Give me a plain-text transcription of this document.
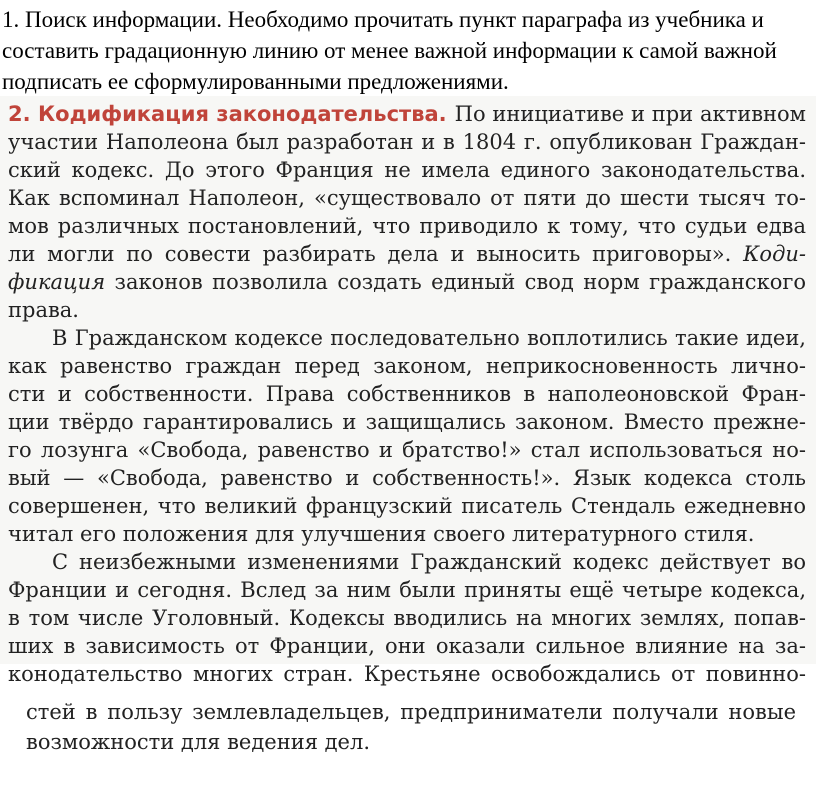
1. Поиск информации. Необходимо прочитать пункт параграфа из учебника и
составить градационную линию от менее важной информации к самой важной
подписать ее сформулированными предложениями.
2. Кодификация законодательства. По инициативе и при активном
участии Наполеона был разработан и в 1804 г. опубликован Граждан-
ский кодекс. До этого Франция не имела единого законодательства.
Как вспоминал Наполеон, «существовало от пяти до шести тысяч то-
мов различных постановлений, что приводило к тому, что судьи едва
ли могли по совести разбирать дела и выносить приговоры». Коди-
фикация законов позволила создать единый свод норм гражданского
права.
В Гражданском кодексе последовательно воплотились такие идеи,
как равенство граждан перед законом, неприкосновенность лично-
сти и собственности. Права собственников в наполеоновской Фран-
ции твёрдо гарантировались и защищались законом. Вместо прежне-
го лозунга «Свобода, равенство и братство!» стал использоваться но-
вый — «Свобода, равенство и собственность!». Язык кодекса столь
совершенен, что великий французский писатель Стендаль ежедневно
читал его положения для улучшения своего литературного стиля.
С неизбежными изменениями Гражданский кодекс действует во
Франции и сегодня. Вслед за ним были приняты ещё четыре кодекса,
в том числе Уголовный. Кодексы вводились на многих землях, попав-
ших в зависимость от Франции, они оказали сильное влияние на за-
конодательство многих стран. Крестьяне освобождались от повинно-
стей в пользу землевладельцев, предприниматели получали новые
возможности для ведения дел.
